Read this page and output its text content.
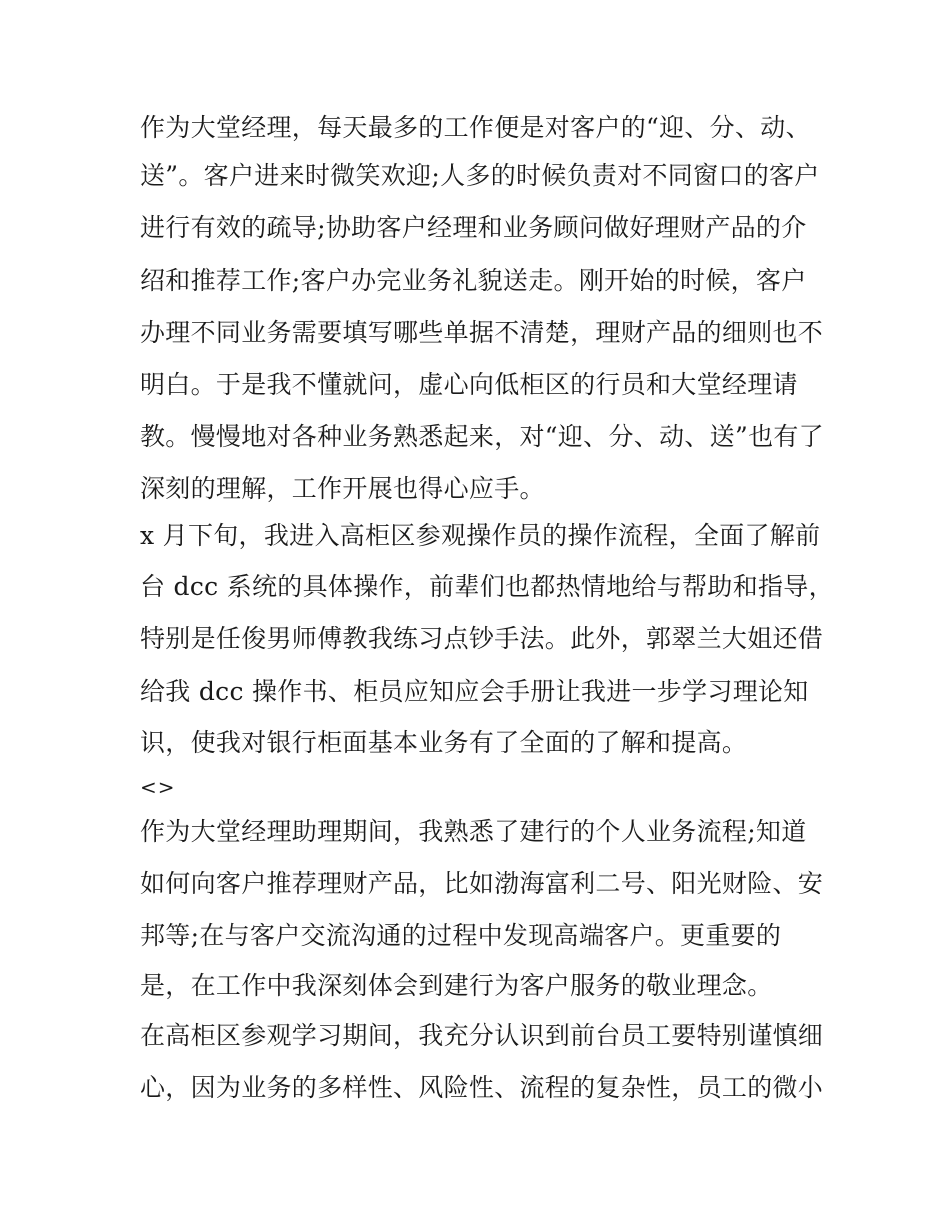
作为大堂经理，每天最多的工作便是对客户的“迎、分、动、
送”。客户进来时微笑欢迎;人多的时候负责对不同窗口的客户
进行有效的疏导;协助客户经理和业务顾问做好理财产品的介
绍和推荐工作;客户办完业务礼貌送走。刚开始的时候，客户
办理不同业务需要填写哪些单据不清楚，理财产品的细则也不
明白。于是我不懂就问，虚心向低柜区的行员和大堂经理请
教。慢慢地对各种业务熟悉起来，对“迎、分、动、送”也有了
深刻的理解，工作开展也得心应手。
x 月下旬，我进入高柜区参观操作员的操作流程，全面了解前
台 dcc 系统的具体操作，前辈们也都热情地给与帮助和指导，
特别是任俊男师傅教我练习点钞手法。此外，郭翠兰大姐还借
给我 dcc 操作书、柜员应知应会手册让我进一步学习理论知
识，使我对银行柜面基本业务有了全面的了解和提高。
<>
作为大堂经理助理期间，我熟悉了建行的个人业务流程;知道
如何向客户推荐理财产品，比如渤海富利二号、阳光财险、安
邦等;在与客户交流沟通的过程中发现高端客户。更重要的
是，在工作中我深刻体会到建行为客户服务的敬业理念。
在高柜区参观学习期间，我充分认识到前台员工要特别谨慎细
心，因为业务的多样性、风险性、流程的复杂性，员工的微小
